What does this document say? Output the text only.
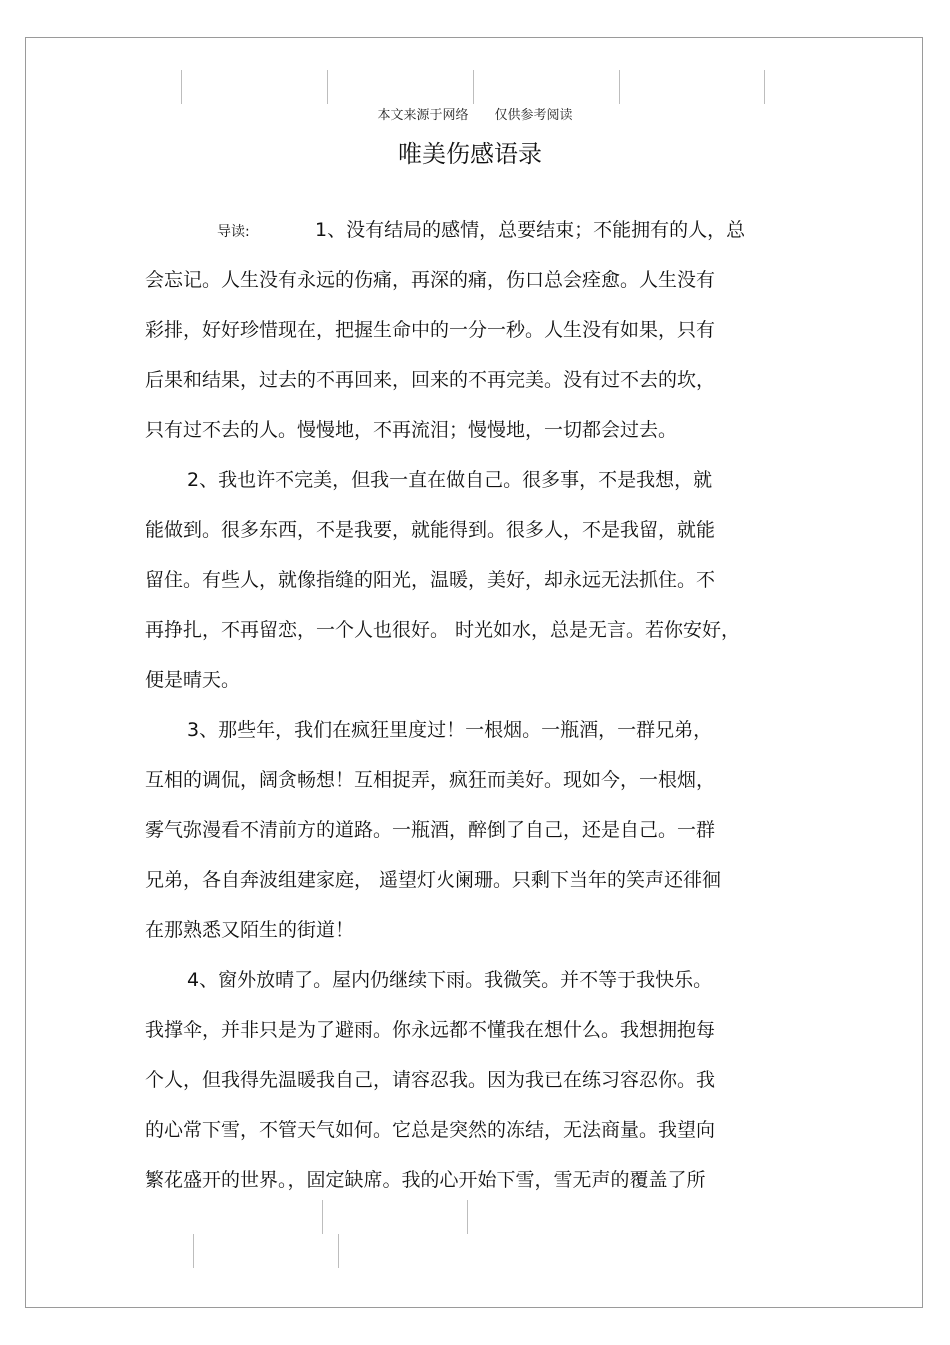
本文来源于网络 仅供参考阅读
唯美伤感语录
导读:	1、没有结局的感情，总要结束；不能拥有的人，总
会忘记。人生没有永远的伤痛，再深的痛，伤口总会痊愈。人生没有
彩排，好好珍惜现在，把握生命中的一分一秒。人生没有如果，只有
后果和结果，过去的不再回来，回来的不再完美。没有过不去的坎，
只有过不去的人。慢慢地，不再流泪；慢慢地，一切都会过去。
2、我也许不完美，但我一直在做自己。很多事，不是我想，就
能做到。很多东西，不是我要，就能得到。很多人，不是我留，就能
留住。有些人，就像指缝的阳光，温暖，美好，却永远无法抓住。不
再挣扎，不再留恋，一个人也很好。 时光如水，总是无言。若你安好，
便是晴天。
3、那些年，我们在疯狂里度过！一根烟。一瓶酒，一群兄弟，
互相的调侃，阔贪畅想！互相捉弄，疯狂而美好。现如今，一根烟，
雾气弥漫看不清前方的道路。一瓶酒，醉倒了自己，还是自己。一群
兄弟，各自奔波组建家庭， 遥望灯火阑珊。只剩下当年的笑声还徘徊
在那熟悉又陌生的街道！
4、窗外放晴了。屋内仍继续下雨。我微笑。并不等于我快乐。
我撑伞，并非只是为了避雨。你永远都不懂我在想什么。我想拥抱每
个人，但我得先温暖我自己，请容忍我。因为我已在练习容忍你。我
的心常下雪，不管天气如何。它总是突然的冻结，无法商量。我望向
繁花盛开的世界。，固定缺席。我的心开始下雪，雪无声的覆盖了所
